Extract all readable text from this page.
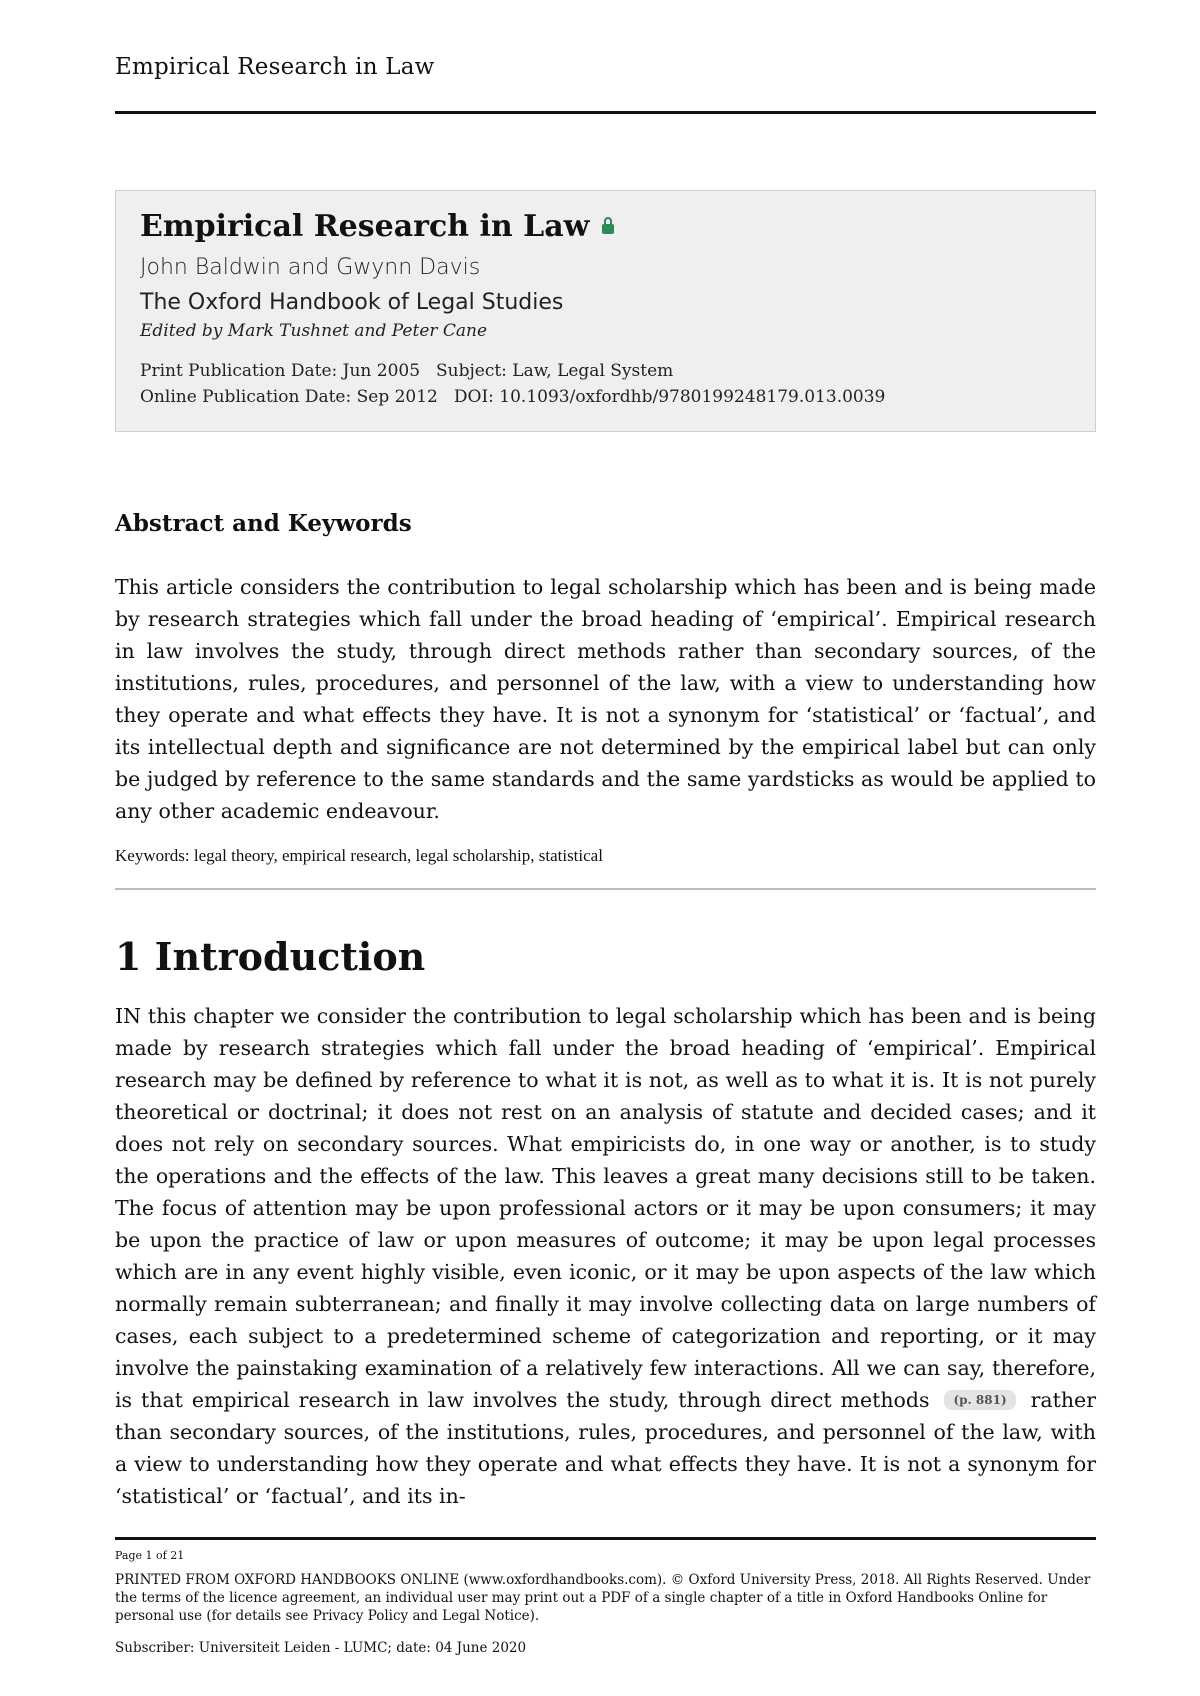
Empirical Research in Law
Empirical Research in Law
John Baldwin and Gwynn Davis
The Oxford Handbook of Legal Studies
Edited by Mark Tushnet and Peter Cane
Print Publication Date: Jun 2005 Subject: Law, Legal System
Online Publication Date: Sep 2012 DOI: 10.1093/oxfordhb/9780199248179.013.0039
Abstract and Keywords
This article considers the contribution to legal scholarship which has been and is being made by research strategies which fall under the broad heading of ‘empirical’. Empirical research in law involves the study, through direct methods rather than secondary sources, of the institutions, rules, procedures, and personnel of the law, with a view to understanding how they operate and what effects they have. It is not a synonym for ‘statistical’ or ‘factual’, and its intellectual depth and significance are not determined by the empirical label but can only be judged by reference to the same standards and the same yardsticks as would be applied to any other academic endeavour.
Keywords: legal theory, empirical research, legal scholarship, statistical
1 Introduction
IN this chapter we consider the contribution to legal scholarship which has been and is being made by research strategies which fall under the broad heading of ‘empirical’. Empirical research may be defined by reference to what it is not, as well as to what it is. It is not purely theoretical or doctrinal; it does not rest on an analysis of statute and decided cases; and it does not rely on secondary sources. What empiricists do, in one way or another, is to study the operations and the effects of the law. This leaves a great many decisions still to be taken. The focus of attention may be upon professional actors or it may be upon consumers; it may be upon the practice of law or upon measures of outcome; it may be upon legal processes which are in any event highly visible, even iconic, or it may be upon aspects of the law which normally remain subterranean; and finally it may involve collecting data on large numbers of cases, each subject to a predetermined scheme of categorization and reporting, or it may involve the painstaking examination of a relatively few interactions. All we can say, therefore, is that empirical research in law involves the study, through direct methods (p. 881) rather than secondary sources, of the institutions, rules, procedures, and personnel of the law, with a view to understanding how they operate and what effects they have. It is not a synonym for ‘statistical’ or ‘factual’, and its in-
Page 1 of 21
PRINTED FROM OXFORD HANDBOOKS ONLINE (www.oxfordhandbooks.com). © Oxford University Press, 2018. All Rights Reserved. Under the terms of the licence agreement, an individual user may print out a PDF of a single chapter of a title in Oxford Handbooks Online for personal use (for details see Privacy Policy and Legal Notice).
Subscriber: Universiteit Leiden - LUMC; date: 04 June 2020
